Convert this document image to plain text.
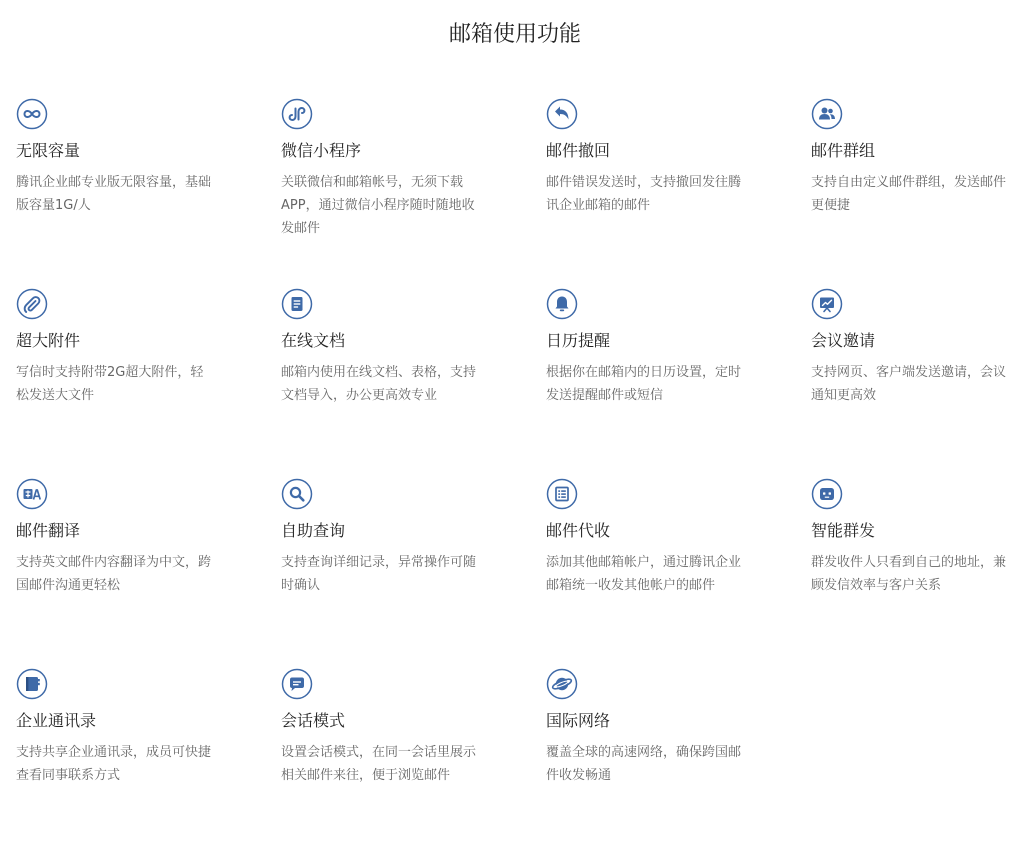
邮箱使用功能
无限容量
腾讯企业邮专业版无限容量，基础版容量1G/人
微信小程序
关联微信和邮箱帐号，无须下载APP，通过微信小程序随时随地收发邮件
邮件撤回
邮件错误发送时，支持撤回发往腾讯企业邮箱的邮件
邮件群组
支持自由定义邮件群组，发送邮件更便捷
超大附件
写信时支持附带2G超大附件，轻松发送大文件
在线文档
邮箱内使用在线文档、表格，支持文档导入，办公更高效专业
日历提醒
根据你在邮箱内的日历设置，定时发送提醒邮件或短信
会议邀请
支持网页、客户端发送邀请，会议通知更高效
邮件翻译
支持英文邮件内容翻译为中文，跨国邮件沟通更轻松
自助查询
支持查询详细记录，异常操作可随时确认
邮件代收
添加其他邮箱帐户，通过腾讯企业邮箱统一收发其他帐户的邮件
智能群发
群发收件人只看到自己的地址，兼顾发信效率与客户关系
企业通讯录
支持共享企业通讯录，成员可快捷查看同事联系方式
会话模式
设置会话模式，在同一会话里展示相关邮件来往，便于浏览邮件
国际网络
覆盖全球的高速网络，确保跨国邮件收发畅通
